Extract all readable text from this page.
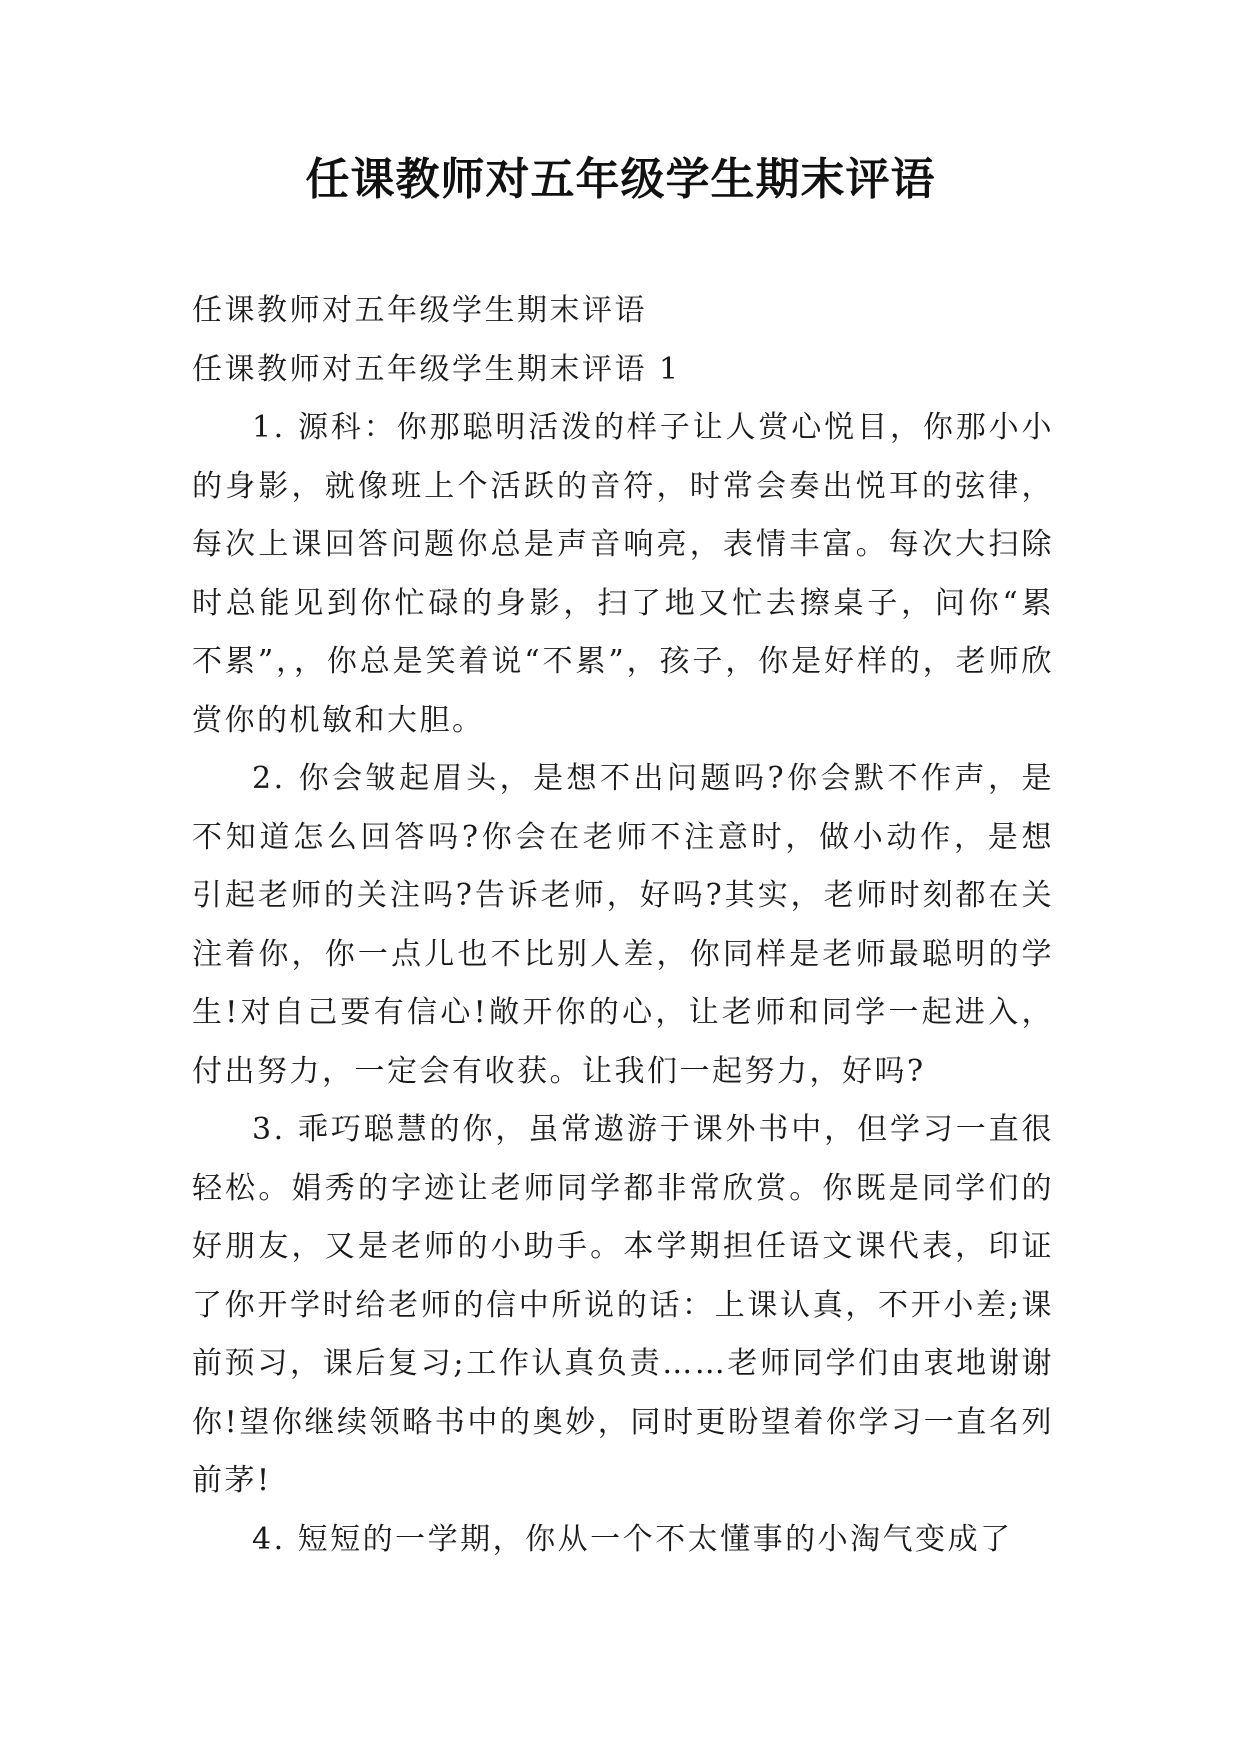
任课教师对五年级学生期末评语

任课教师对五年级学生期末评语

任课教师对五年级学生期末评语 1

1. 源科：你那聪明活泼的样子让人赏心悦目，你那小小的身影，就像班上个活跃的音符，时常会奏出悦耳的弦律，每次上课回答问题你总是声音响亮，表情丰富。每次大扫除时总能见到你忙碌的身影，扫了地又忙去擦桌子，问你“累不累”，，你总是笑着说“不累”，孩子，你是好样的，老师欣赏你的机敏和大胆。

2. 你会皱起眉头，是想不出问题吗?你会默不作声，是不知道怎么回答吗?你会在老师不注意时，做小动作，是想引起老师的关注吗?告诉老师，好吗?其实，老师时刻都在关注着你，你一点儿也不比别人差，你同样是老师最聪明的学生!对自己要有信心!敞开你的心，让老师和同学一起进入，付出努力，一定会有收获。让我们一起努力，好吗?

3. 乖巧聪慧的你，虽常遨游于课外书中，但学习一直很轻松。娟秀的字迹让老师同学都非常欣赏。你既是同学们的好朋友，又是老师的小助手。本学期担任语文课代表，印证了你开学时给老师的信中所说的话：上课认真，不开小差;课前预习，课后复习;工作认真负责……老师同学们由衷地谢谢你!望你继续领略书中的奥妙，同时更盼望着你学习一直名列前茅!

4. 短短的一学期，你从一个不太懂事的小淘气变成了
